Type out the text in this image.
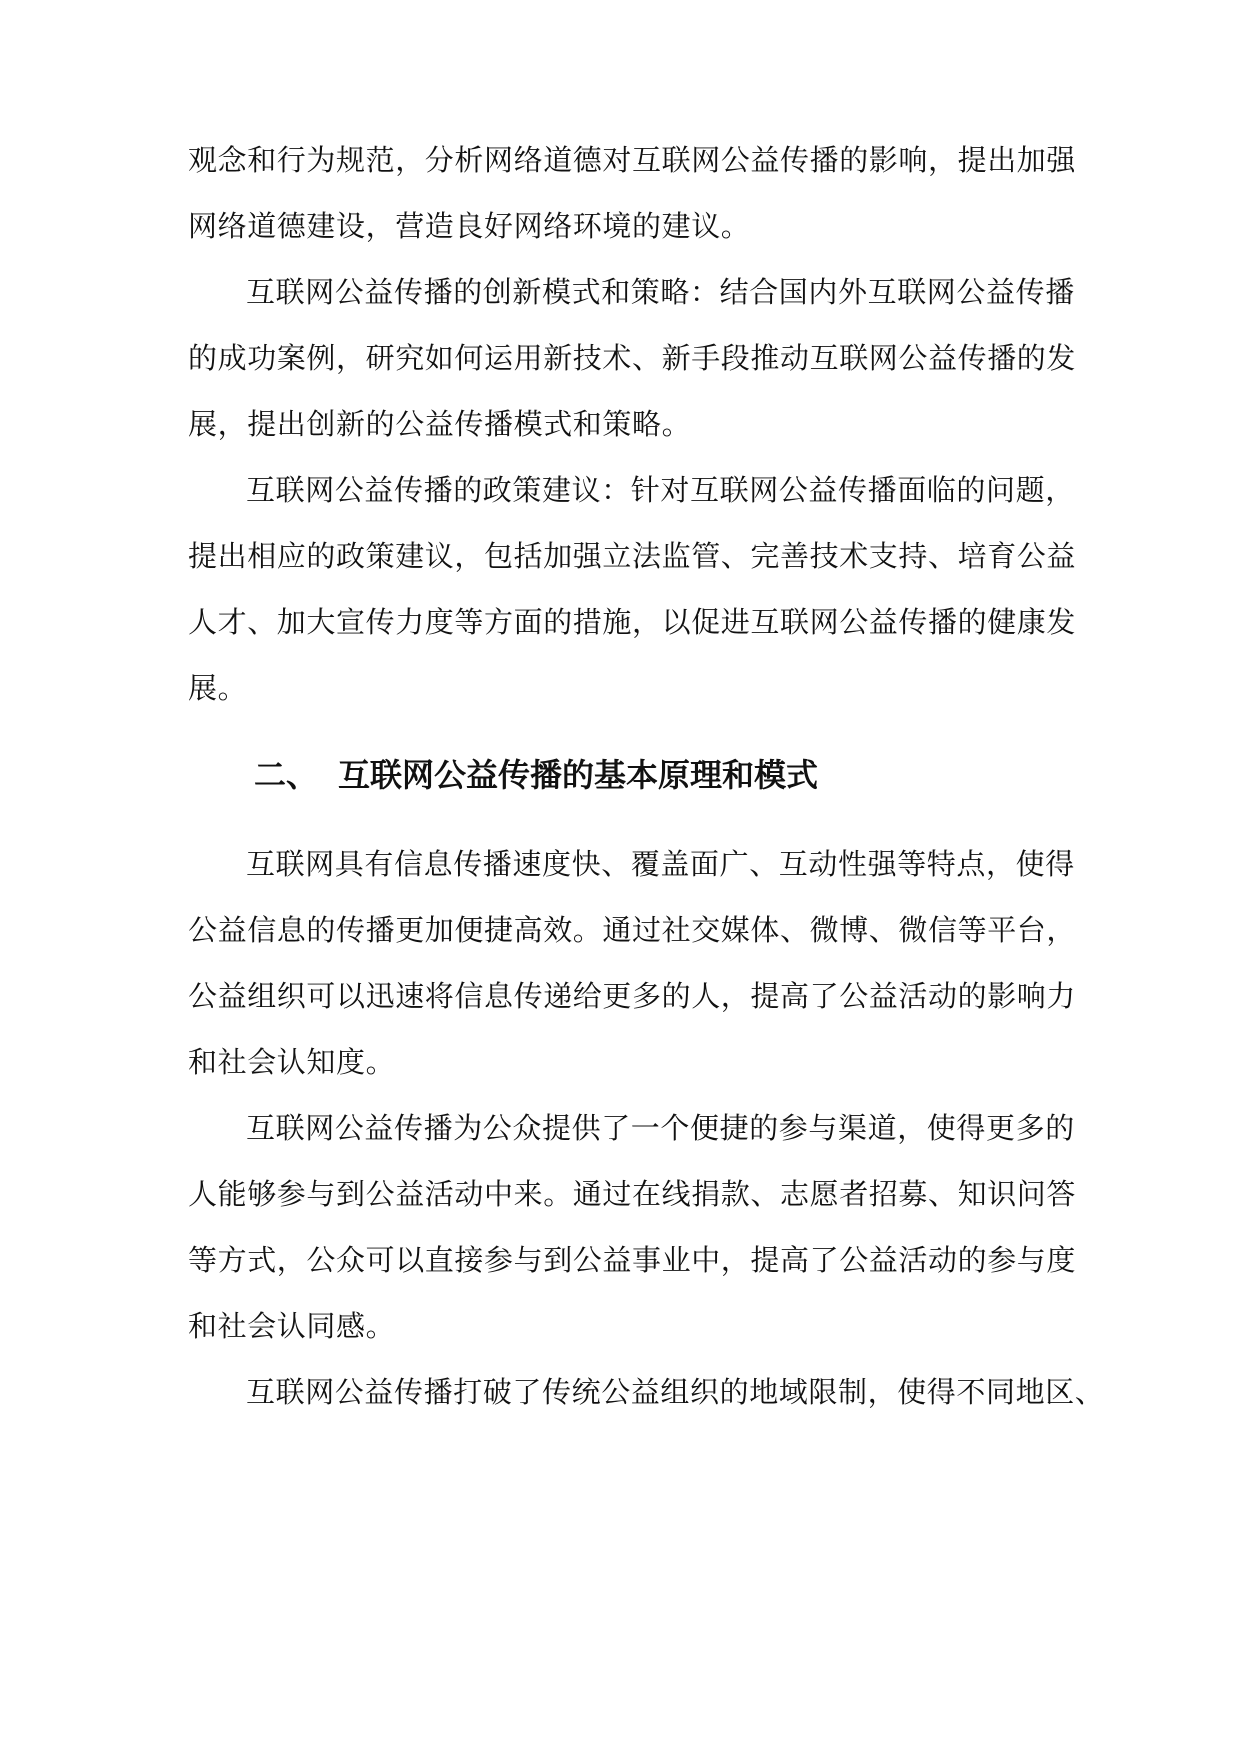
观念和行为规范，分析网络道德对互联网公益传播的影响，提出加强
网络道德建设，营造良好网络环境的建议。
互联网公益传播的创新模式和策略：结合国内外互联网公益传播
的成功案例，研究如何运用新技术、新手段推动互联网公益传播的发
展，提出创新的公益传播模式和策略。
互联网公益传播的政策建议：针对互联网公益传播面临的问题，
提出相应的政策建议，包括加强立法监管、完善技术支持、培育公益
人才、加大宣传力度等方面的措施，以促进互联网公益传播的健康发
展。
二、 互联网公益传播的基本原理和模式
互联网具有信息传播速度快、覆盖面广、互动性强等特点，使得
公益信息的传播更加便捷高效。通过社交媒体、微博、微信等平台，
公益组织可以迅速将信息传递给更多的人，提高了公益活动的影响力
和社会认知度。
互联网公益传播为公众提供了一个便捷的参与渠道，使得更多的
人能够参与到公益活动中来。通过在线捐款、志愿者招募、知识问答
等方式，公众可以直接参与到公益事业中，提高了公益活动的参与度
和社会认同感。
互联网公益传播打破了传统公益组织的地域限制，使得不同地区、
